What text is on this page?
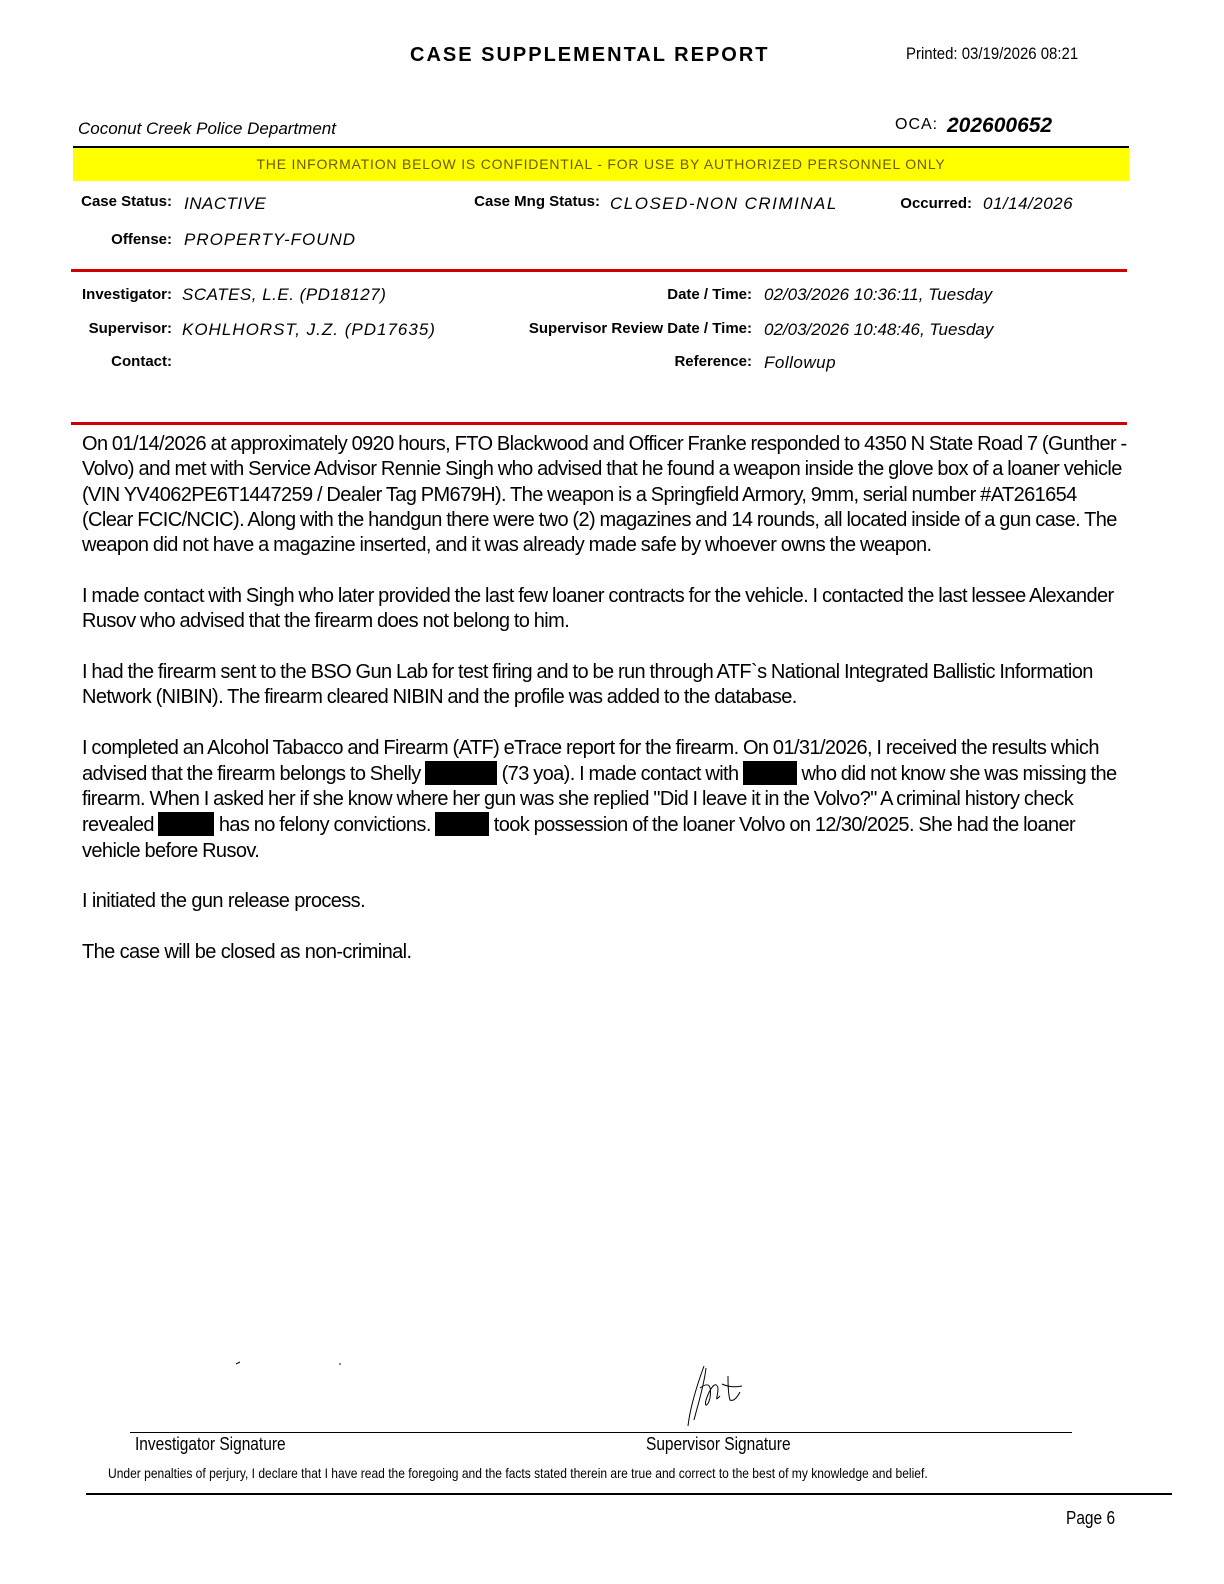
CASE SUPPLEMENTAL REPORT	Printed: 03/19/2026 08:21
Coconut Creek Police Department	OCA: 202600652
THE INFORMATION BELOW IS CONFIDENTIAL - FOR USE BY AUTHORIZED PERSONNEL ONLY
Case Status: INACTIVE	Case Mng Status: CLOSED-NON CRIMINAL	Occurred: 01/14/2026
Offense: PROPERTY-FOUND
Investigator: SCATES, L.E. (PD18127)
Supervisor: KOHLHORST, J.Z. (PD17635)
Contact:
Date / Time: 02/03/2026 10:36:11, Tuesday
Supervisor Review Date / Time: 02/03/2026 10:48:46, Tuesday
Reference: Followup

On 01/14/2026 at approximately 0920 hours, FTO Blackwood and Officer Franke responded to 4350 N State Road 7 (Gunther - Volvo) and met with Service Advisor Rennie Singh who advised that he found a weapon inside the glove box of a loaner vehicle (VIN YV4062PE6T1447259 / Dealer Tag PM679H). The weapon is a Springfield Armory, 9mm, serial number #AT261654 (Clear FCIC/NCIC). Along with the handgun there were two (2) magazines and 14 rounds, all located inside of a gun case. The weapon did not have a magazine inserted, and it was already made safe by whoever owns the weapon.

I made contact with Singh who later provided the last few loaner contracts for the vehicle. I contacted the last lessee Alexander Rusov who advised that the firearm does not belong to him.

I had the firearm sent to the BSO Gun Lab for test firing and to be run through ATF`s National Integrated Ballistic Information Network (NIBIN). The firearm cleared NIBIN and the profile was added to the database.

I completed an Alcohol Tabacco and Firearm (ATF) eTrace report for the firearm. On 01/31/2026, I received the results which advised that the firearm belongs to Shelly	(73 yoa). I made contact with	who did not know she was missing the firearm. When I asked her if she know where her gun was she replied "Did I leave it in the Volvo?" A criminal history check revealed	has no felony convictions.	took possession of the loaner Volvo on 12/30/2025. She had the loaner vehicle before Rusov.

I initiated the gun release process.

The case will be closed as non-criminal.

Investigator Signature	Supervisor Signature
Under penalties of perjury, I declare that I have read the foregoing and the facts stated therein are true and correct to the best of my knowledge and belief.
Page 6
